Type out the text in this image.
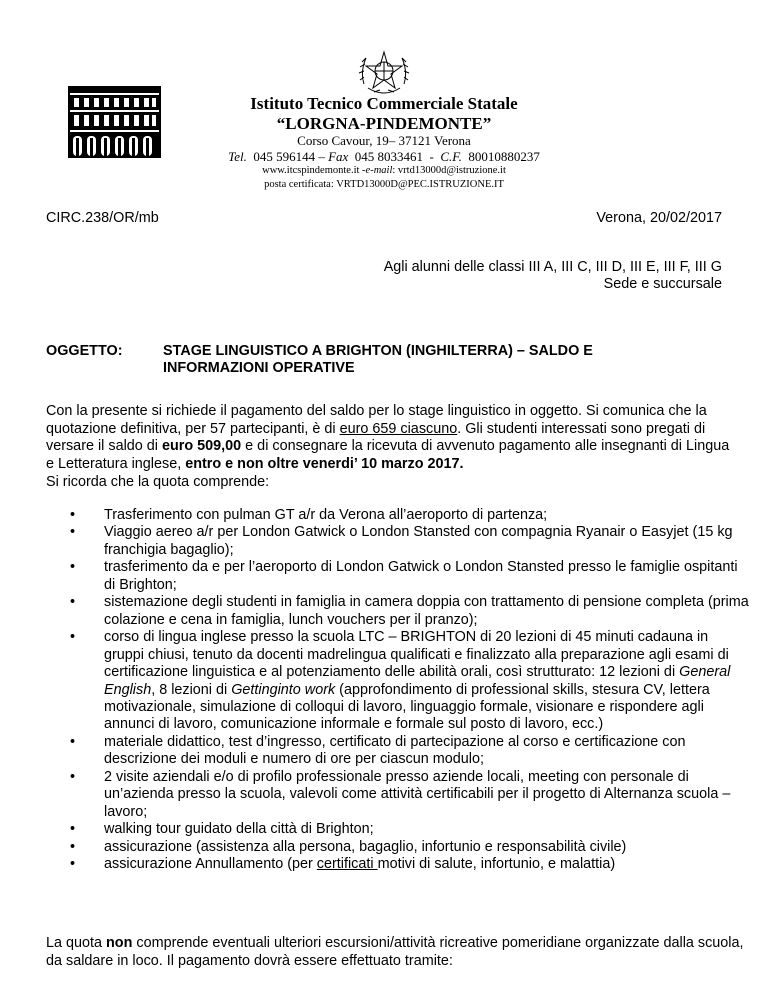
Istituto Tecnico Commerciale Statale
“LORGNA-PINDEMONTE”
Corso Cavour, 19– 37121 Verona
Tel. 045 596144 – Fax 045 8033461  -  C.F. 80010880237
www.itcspindemonte.it -e-mail: vrtd13000d@istruzione.it
posta certificata: VRTD13000D@PEC.ISTRUZIONE.IT
CIRC.238/OR/mb	Verona, 20/02/2017
Agli alunni delle classi III A, III C, III D, III E, III F, III G
Sede e succursale
OGGETTO:	STAGE LINGUISTICO A BRIGHTON (INGHILTERRA) – SALDO E
INFORMAZIONI OPERATIVE
Con la presente si richiede il pagamento del saldo per lo stage linguistico in oggetto. Si comunica che la quotazione definitiva, per 57 partecipanti, è di euro 659 ciascuno. Gli studenti interessati sono pregati di versare il saldo di euro 509,00 e di consegnare la ricevuta di avvenuto pagamento alle insegnanti di Lingua e Letteratura inglese, entro e non oltre venerdi’ 10 marzo 2017.
Si ricorda che la quota comprende:
• Trasferimento con pulman GT a/r da Verona all’aeroporto di partenza;
• Viaggio aereo a/r per London Gatwick o London Stansted con compagnia Ryanair o Easyjet (15 kg franchigia bagaglio);
• trasferimento da e per l’aeroporto di London Gatwick o London Stansted presso le famiglie ospitanti di Brighton;
• sistemazione degli studenti in famiglia in camera doppia con trattamento di pensione completa (prima colazione e cena in famiglia, lunch vouchers per il pranzo);
• corso di lingua inglese presso la scuola LTC – BRIGHTON di 20 lezioni di 45 minuti cadauna in gruppi chiusi, tenuto da docenti madrelingua qualificati e finalizzato alla preparazione agli esami di certificazione linguistica e al potenziamento delle abilità orali, così strutturato: 12 lezioni di General English, 8 lezioni di Gettinginto work (approfondimento di professional skills, stesura CV, lettera motivazionale, simulazione di colloqui di lavoro, linguaggio formale, visionare e rispondere agli annunci di lavoro, comunicazione informale e formale sul posto di lavoro, ecc.)
• materiale didattico, test d’ingresso, certificato di partecipazione al corso e certificazione con descrizione dei moduli e numero di ore per ciascun modulo;
• 2 visite aziendali e/o di profilo professionale presso aziende locali, meeting con personale di un’azienda presso la scuola, valevoli come attività certificabili per il progetto di Alternanza scuola – lavoro;
• walking tour guidato della città di Brighton;
• assicurazione (assistenza alla persona, bagaglio, infortunio e responsabilità civile)
• assicurazione Annullamento (per certificati motivi di salute, infortunio, e malattia)
La quota non comprende eventuali ulteriori escursioni/attività ricreative pomeridiane organizzate dalla scuola, da saldare in loco. Il pagamento dovrà essere effettuato tramite:
